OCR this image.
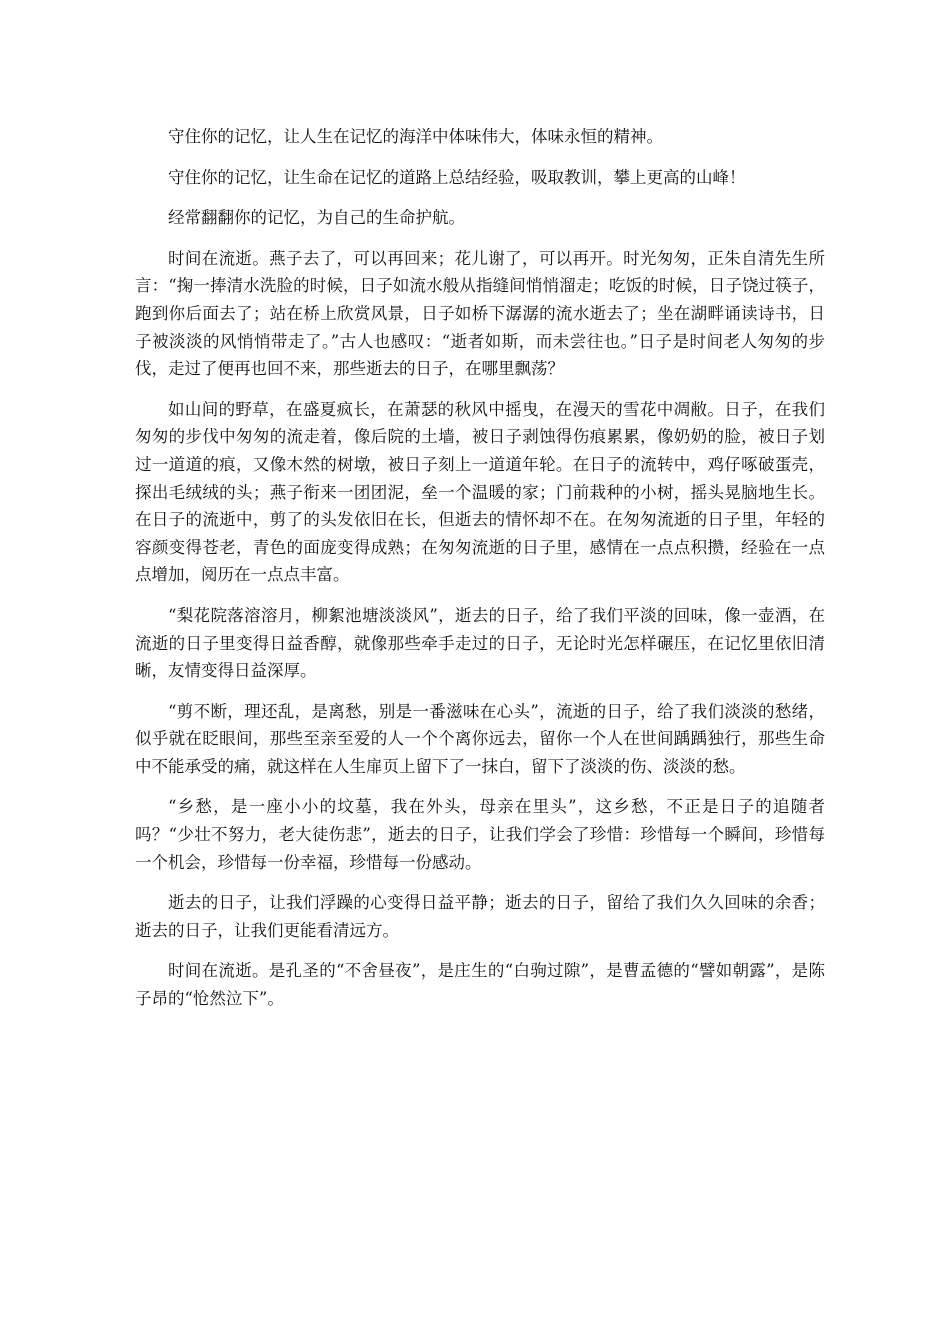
守住你的记忆，让人生在记忆的海洋中体味伟大，体味永恒的精神。

守住你的记忆，让生命在记忆的道路上总结经验，吸取教训，攀上更高的山峰！

经常翻翻你的记忆，为自己的生命护航。

时间在流逝。燕子去了，可以再回来；花儿谢了，可以再开。时光匆匆，正朱自清先生所言：“掬一捧清水洗脸的时候，日子如流水般从指缝间悄悄溜走；吃饭的时候，日子饶过筷子，跑到你后面去了；站在桥上欣赏风景，日子如桥下潺潺的流水逝去了；坐在湖畔诵读诗书，日子被淡淡的风悄悄带走了。”古人也感叹：“逝者如斯，而未尝往也。”日子是时间老人匆匆的步伐，走过了便再也回不来，那些逝去的日子，在哪里飘荡？

如山间的野草，在盛夏疯长，在萧瑟的秋风中摇曳，在漫天的雪花中凋敝。日子，在我们匆匆的步伐中匆匆的流走着，像后院的土墙，被日子剥蚀得伤痕累累，像奶奶的脸，被日子划过一道道的痕，又像木然的树墩，被日子刻上一道道年轮。在日子的流转中，鸡仔啄破蛋壳，探出毛绒绒的头；燕子衔来一团团泥，垒一个温暖的家；门前栽种的小树，摇头晃脑地生长。在日子的流逝中，剪了的头发依旧在长，但逝去的情怀却不在。在匆匆流逝的日子里，年轻的容颜变得苍老，青色的面庞变得成熟；在匆匆流逝的日子里，感情在一点点积攒，经验在一点点增加，阅历在一点点丰富。

“梨花院落溶溶月，柳絮池塘淡淡风”，逝去的日子，给了我们平淡的回味，像一壶酒，在流逝的日子里变得日益香醇，就像那些牵手走过的日子，无论时光怎样碾压，在记忆里依旧清晰，友情变得日益深厚。

“剪不断，理还乱，是离愁，别是一番滋味在心头”，流逝的日子，给了我们淡淡的愁绪，似乎就在眨眼间，那些至亲至爱的人一个个离你远去，留你一个人在世间踽踽独行，那些生命中不能承受的痛，就这样在人生扉页上留下了一抹白，留下了淡淡的伤、淡淡的愁。

“乡愁，是一座小小的坟墓，我在外头，母亲在里头”，这乡愁，不正是日子的追随者吗？“少壮不努力，老大徒伤悲”，逝去的日子，让我们学会了珍惜：珍惜每一个瞬间，珍惜每一个机会，珍惜每一份幸福，珍惜每一份感动。

逝去的日子，让我们浮躁的心变得日益平静；逝去的日子，留给了我们久久回味的余香；逝去的日子，让我们更能看清远方。

时间在流逝。是孔圣的“不舍昼夜”，是庄生的“白驹过隙”，是曹孟德的“譬如朝露”，是陈子昂的“怆然泣下”。
